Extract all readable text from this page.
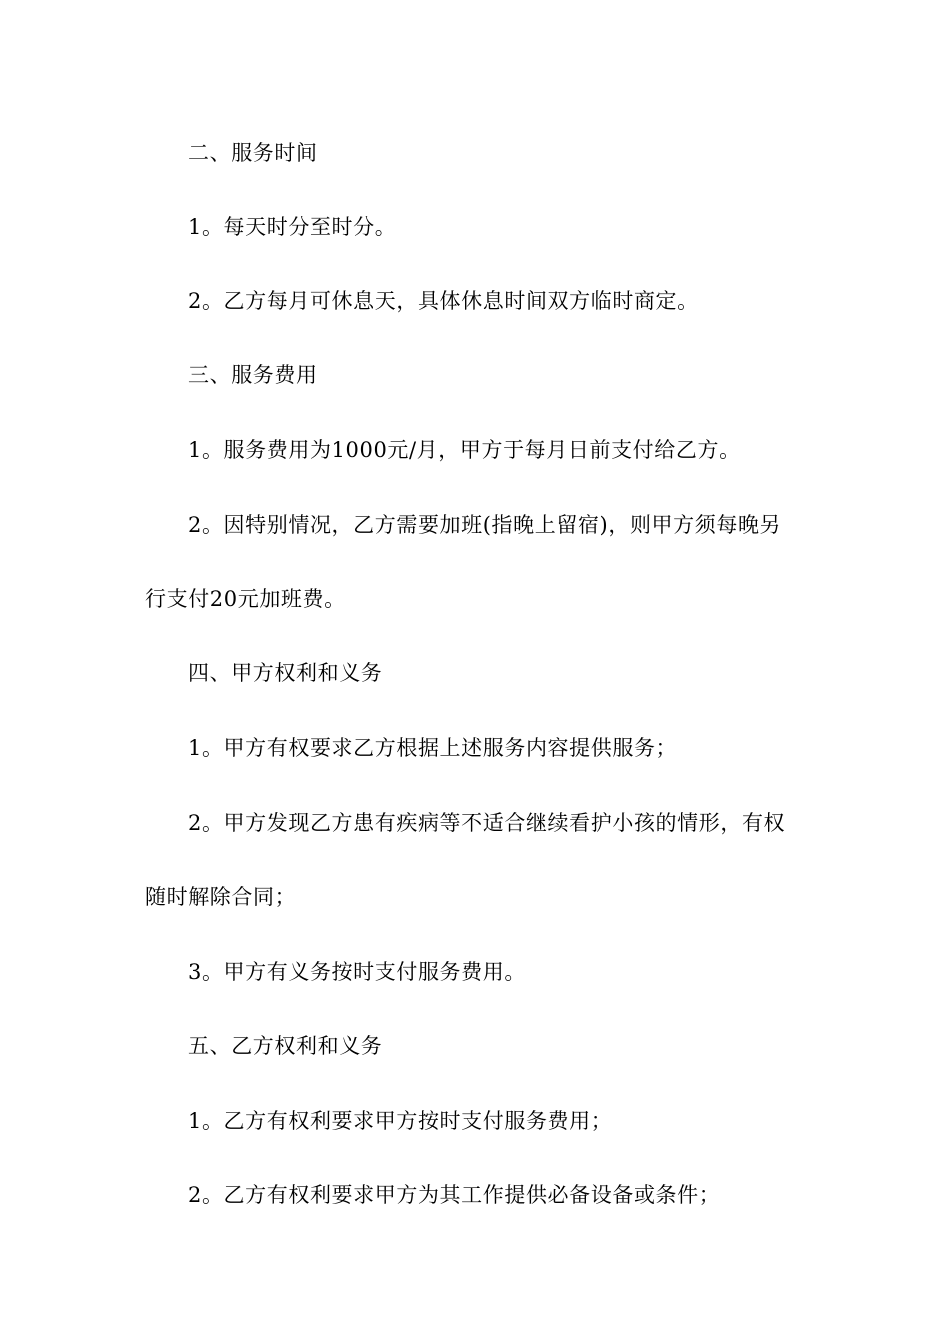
二、服务时间

1。每天时分至时分。

2。乙方每月可休息天，具体休息时间双方临时商定。

三、服务费用

1。服务费用为1000元/月，甲方于每月日前支付给乙方。

2。因特别情况，乙方需要加班(指晚上留宿)，则甲方须每晚另

行支付20元加班费。

四、甲方权利和义务

1。甲方有权要求乙方根据上述服务内容提供服务；

2。甲方发现乙方患有疾病等不适合继续看护小孩的情形，有权

随时解除合同；

3。甲方有义务按时支付服务费用。

五、乙方权利和义务

1。乙方有权利要求甲方按时支付服务费用；

2。乙方有权利要求甲方为其工作提供必备设备或条件；
